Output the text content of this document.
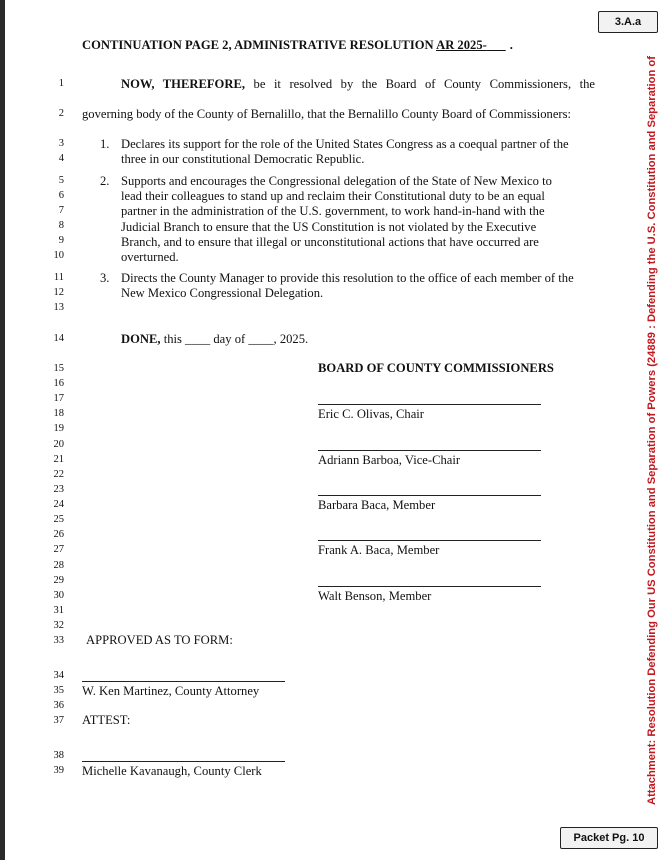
3.A.a
CONTINUATION PAGE 2, ADMINISTRATIVE RESOLUTION AR 2025- .
1
2
3
4
5
6
7
8
9
10
11
12
13
14
15
16
17
18
19
20
21
22
23
24
25
26
27
28
29
30
31
32
33
34
35
36
37
38
39
NOW, THEREFORE, be it resolved by the Board of County Commissioners, the
governing body of the County of Bernalillo, that the Bernalillo County Board of Commissioners:
1. Declares its support for the role of the United States Congress as a coequal partner of the
three in our constitutional Democratic Republic.
2. Supports and encourages the Congressional delegation of the State of New Mexico to
lead their colleagues to stand up and reclaim their Constitutional duty to be an equal
partner in the administration of the U.S. government, to work hand-in-hand with the
Judicial Branch to ensure that the US Constitution is not violated by the Executive
Branch, and to ensure that illegal or unconstitutional actions that have occurred are
overturned.
3. Directs the County Manager to provide this resolution to the office of each member of the
New Mexico Congressional Delegation.
DONE, this ____ day of ____, 2025.
BOARD OF COUNTY COMMISSIONERS
Eric C. Olivas, Chair
Adriann Barboa, Vice-Chair
Barbara Baca, Member
Frank A. Baca, Member
Walt Benson, Member
APPROVED AS TO FORM:
W. Ken Martinez, County Attorney
ATTEST:
Michelle Kavanaugh, County Clerk	Attachment: Resolution Defending Our US Constitution and Separation of Powers (24889 : Defending the U.S. Constitution and Separation of
Packet Pg. 10
